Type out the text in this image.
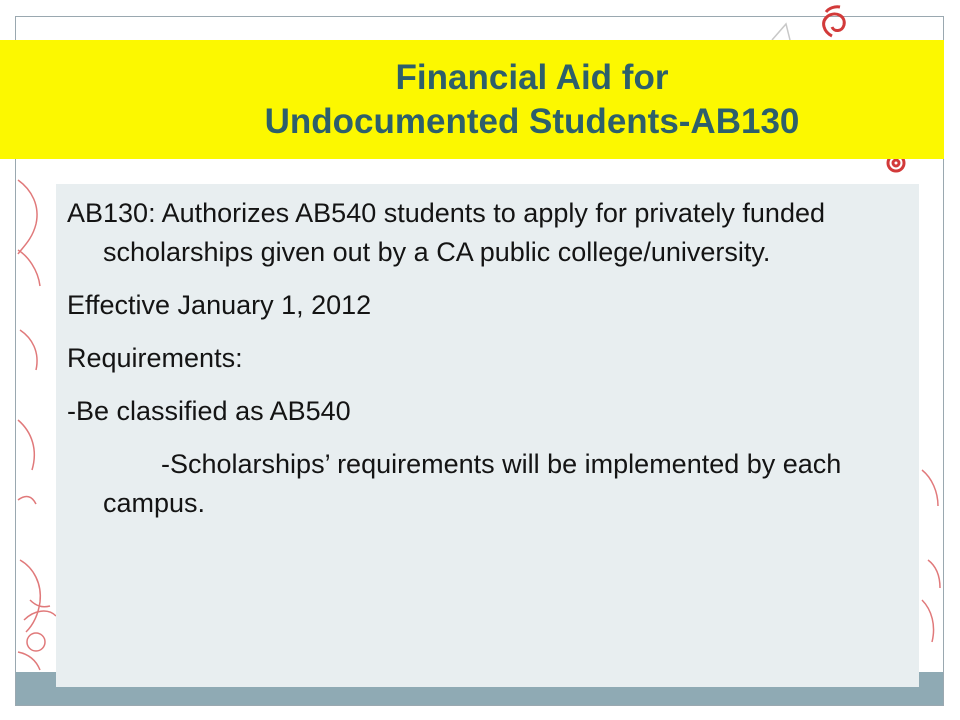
Financial Aid for
Undocumented Students-AB130

AB130: Authorizes AB540 students to apply for privately funded scholarships given out by a CA public college/university.

Effective January 1, 2012

Requirements:

-Be classified as AB540

-Scholarships’ requirements will be implemented by each campus.
